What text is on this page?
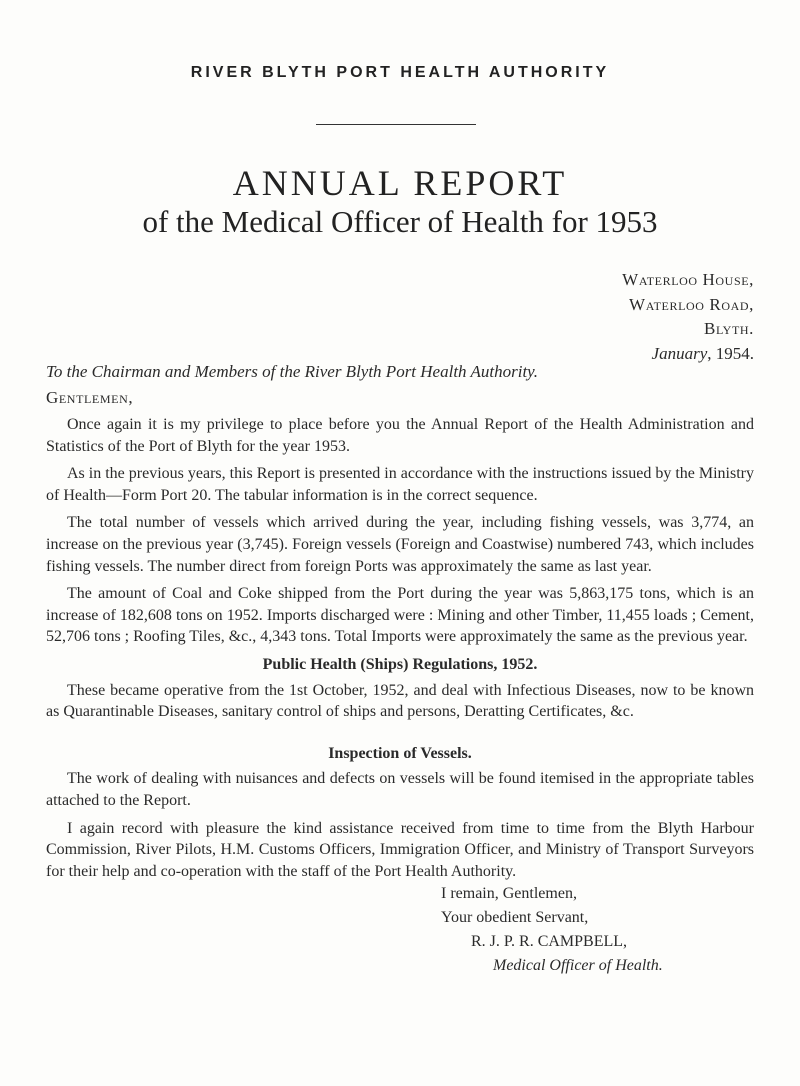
RIVER BLYTH PORT HEALTH AUTHORITY
ANNUAL REPORT
of the Medical Officer of Health for 1953
Waterloo House,
Waterloo Road,
Blyth.
January, 1954.
To the Chairman and Members of the River Blyth Port Health Authority.
Gentlemen,

Once again it is my privilege to place before you the Annual Report of the Health Administration and Statistics of the Port of Blyth for the year 1953.

As in the previous years, this Report is presented in accordance with the instructions issued by the Ministry of Health—Form Port 20. The tabular information is in the correct sequence.

The total number of vessels which arrived during the year, including fishing vessels, was 3,774, an increase on the previous year (3,745). Foreign vessels (Foreign and Coastwise) numbered 743, which includes fishing vessels. The number direct from foreign Ports was approximately the same as last year.

The amount of Coal and Coke shipped from the Port during the year was 5,863,175 tons, which is an increase of 182,608 tons on 1952. Imports discharged were : Mining and other Timber, 11,455 loads ; Cement, 52,706 tons ; Roofing Tiles, &c., 4,343 tons. Total Imports were approximately the same as the previous year.

Public Health (Ships) Regulations, 1952.

These became operative from the 1st October, 1952, and deal with Infectious Diseases, now to be known as Quarantinable Diseases, sanitary control of ships and persons, Deratting Certificates, &c.

Inspection of Vessels.

The work of dealing with nuisances and defects on vessels will be found itemised in the appropriate tables attached to the Report.

I again record with pleasure the kind assistance received from time to time from the Blyth Harbour Commission, River Pilots, H.M. Customs Officers, Immigration Officer, and Ministry of Transport Surveyors for their help and co-operation with the staff of the Port Health Authority.

I remain, Gentlemen,
Your obedient Servant,
R. J. P. R. CAMPBELL,
Medical Officer of Health.
